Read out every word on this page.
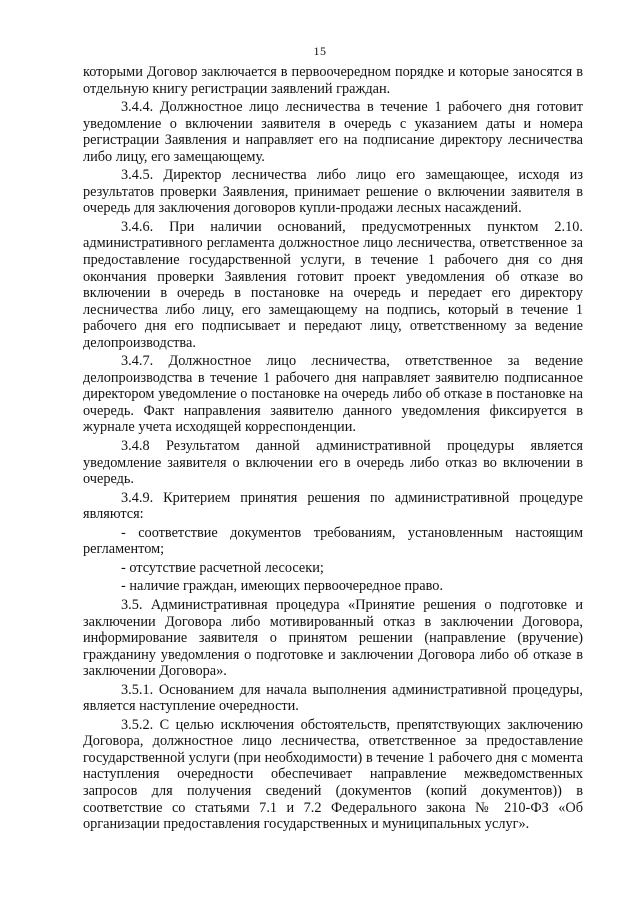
15

которыми Договор заключается в первоочередном порядке и которые заносятся в отдельную книгу регистрации заявлений граждан.

3.4.4. Должностное лицо лесничества в течение 1 рабочего дня готовит уведомление о включении заявителя в очередь с указанием даты и номера регистрации Заявления и направляет его на подписание директору лесничества либо лицу, его замещающему.

3.4.5. Директор лесничества либо лицо его замещающее, исходя из результатов проверки Заявления, принимает решение о включении заявителя в очередь для заключения договоров купли-продажи лесных насаждений.

3.4.6. При наличии оснований, предусмотренных пунктом 2.10. административного регламента должностное лицо лесничества, ответственное за предоставление государственной услуги, в течение 1 рабочего дня со дня окончания проверки Заявления готовит проект уведомления об отказе во включении в очередь в постановке на очередь и передает его директору лесничества либо лицу, его замещающему на подпись, который в течение 1 рабочего дня его подписывает и передают лицу, ответственному за ведение делопроизводства.

3.4.7. Должностное лицо лесничества, ответственное за ведение делопроизводства в течение 1 рабочего дня направляет заявителю подписанное директором уведомление о постановке на очередь либо об отказе в постановке на очередь. Факт направления заявителю данного уведомления фиксируется в журнале учета исходящей корреспонденции.

3.4.8 Результатом данной административной процедуры является уведомление заявителя о включении его в очередь либо отказ во включении в очередь.

3.4.9. Критерием принятия решения по административной процедуре являются:

- соответствие документов требованиям, установленным настоящим регламентом;

- отсутствие расчетной лесосеки;

- наличие граждан, имеющих первоочередное право.

3.5. Административная процедура «Принятие решения о подготовке и заключении Договора либо мотивированный отказ в заключении Договора, информирование заявителя о принятом решении (направление (вручение) гражданину уведомления о подготовке и заключении Договора либо об отказе в заключении Договора».

3.5.1. Основанием для начала выполнения административной процедуры, является наступление очередности.

3.5.2. С целью исключения обстоятельств, препятствующих заключению Договора, должностное лицо лесничества, ответственное за предоставление государственной услуги (при необходимости) в течение 1 рабочего дня с момента наступления очередности обеспечивает направление межведомственных запросов для получения сведений (документов (копий документов)) в соответствие со статьями 7.1 и 7.2 Федерального закона № 210-ФЗ «Об организации предоставления государственных и муниципальных услуг».
